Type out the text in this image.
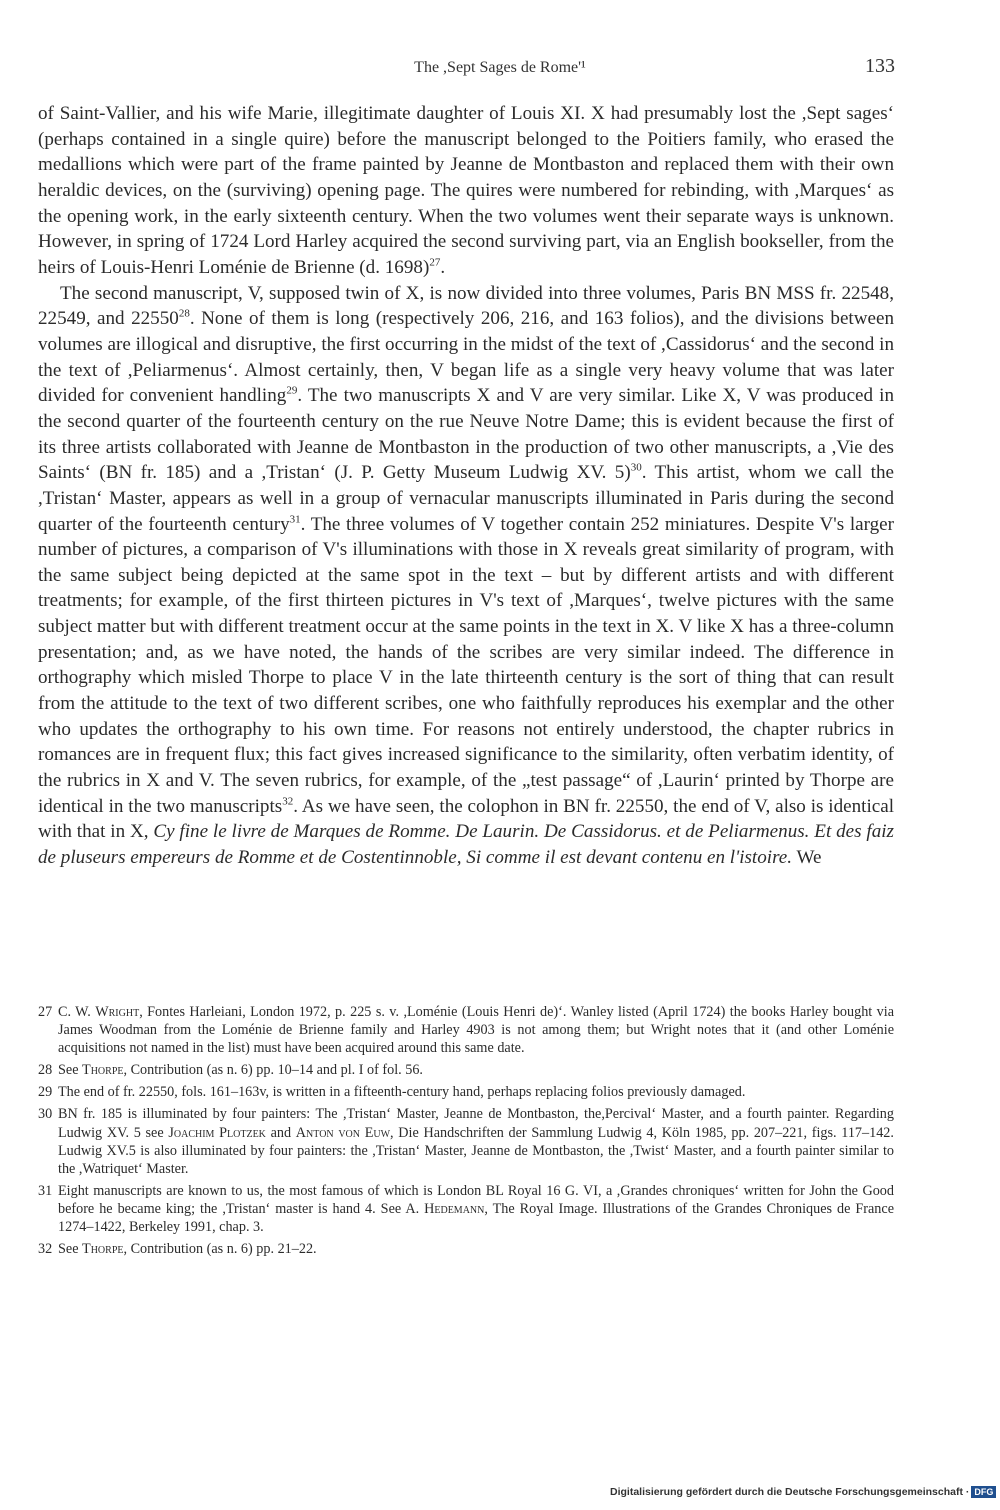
The ,Sept Sages de Rome'¹	133

of Saint-Vallier, and his wife Marie, illegitimate daughter of Louis XI. X had presumably lost the ,Sept sages‘ (perhaps contained in a single quire) before the manuscript belonged to the Poitiers family, who erased the medallions which were part of the frame painted by Jeanne de Montbaston and replaced them with their own heraldic devices, on the (surviving) opening page. The quires were numbered for rebinding, with ,Marques‘ as the opening work, in the early sixteenth century. When the two volumes went their separate ways is unknown. However, in spring of 1724 Lord Harley acquired the second surviving part, via an English bookseller, from the heirs of Louis-Henri Loménie de Brienne (d. 1698)$^{27}$.

The second manuscript, V, supposed twin of X, is now divided into three volumes, Paris BN MSS fr. 22548, 22549, and 22550$^{28}$. None of them is long (respectively 206, 216, and 163 folios), and the divisions between volumes are illogical and disruptive, the first occurring in the midst of the text of ,Cassidorus‘ and the second in the text of ,Peliarmenus‘. Almost certainly, then, V began life as a single very heavy volume that was later divided for convenient handling$^{29}$. The two manuscripts X and V are very similar. Like X, V was produced in the second quarter of the fourteenth century on the rue Neuve Notre Dame; this is evident because the first of its three artists collaborated with Jeanne de Montbaston in the production of two other manuscripts, a ,Vie des Saints‘ (BN fr. 185) and a ,Tristan‘ (J. P. Getty Museum Ludwig XV. 5)$^{30}$. This artist, whom we call the ,Tristan‘ Master, appears as well in a group of vernacular manuscripts illuminated in Paris during the second quarter of the fourteenth century$^{31}$. The three volumes of V together contain 252 miniatures. Despite V's larger number of pictures, a comparison of V's illuminations with those in X reveals great similarity of program, with the same subject being depicted at the same spot in the text – but by different artists and with different treatments; for example, of the first thirteen pictures in V's text of ,Marques‘, twelve pictures with the same subject matter but with different treatment occur at the same points in the text in X. V like X has a three-column presentation; and, as we have noted, the hands of the scribes are very similar indeed. The difference in orthography which misled Thorpe to place V in the late thirteenth century is the sort of thing that can result from the attitude to the text of two different scribes, one who faithfully reproduces his exemplar and the other who updates the orthography to his own time. For reasons not entirely understood, the chapter rubrics in romances are in frequent flux; this fact gives increased significance to the similarity, often verbatim identity, of the rubrics in X and V. The seven rubrics, for example, of the „test passage“ of ,Laurin‘ printed by Thorpe are identical in the two manuscripts$^{32}$. As we have seen, the colophon in BN fr. 22550, the end of V, also is identical with that in X, Cy fine le livre de Marques de Romme. De Laurin. De Cassidorus. et de Peliarmenus. Et des faiz de pluseurs empereurs de Romme et de Costentinnoble, Si comme il est devant contenu en l'istoire. We

27 C. W. Wright, Fontes Harleiani, London 1972, p. 225 s. v. ,Loménie (Louis Henri de)‘. Wanley listed (April 1724) the books Harley bought via James Woodman from the Loménie de Brienne family and Harley 4903 is not among them; but Wright notes that it (and other Loménie acquisitions not named in the list) must have been acquired around this same date.

28 See Thorpe, Contribution (as n. 6) pp. 10–14 and pl. I of fol. 56.

29 The end of fr. 22550, fols. 161–163v, is written in a fifteenth-century hand, perhaps replacing folios previously damaged.

30 BN fr. 185 is illuminated by four painters: The ,Tristan‘ Master, Jeanne de Montbaston, the,Percival‘ Master, and a fourth painter. Regarding Ludwig XV. 5 see Joachim Plotzek and Anton von Euw, Die Handschriften der Sammlung Ludwig 4, Köln 1985, pp. 207–221, figs. 117–142. Ludwig XV.5 is also illuminated by four painters: the ,Tristan‘ Master, Jeanne de Montbaston, the ,Twist‘ Master, and a fourth painter similar to the ,Watriquet‘ Master.

31 Eight manuscripts are known to us, the most famous of which is London BL Royal 16 G. VI, a ,Grandes chroniques‘ written for John the Good before he became king; the ,Tristan‘ master is hand 4. See A. Hedemann, The Royal Image. Illustrations of the Grandes Chroniques de France 1274–1422, Berkeley 1991, chap. 3.

32 See Thorpe, Contribution (as n. 6) pp. 21–22.

Digitalisierung gefördert durch die Deutsche Forschungsgemeinschaft · DFG
